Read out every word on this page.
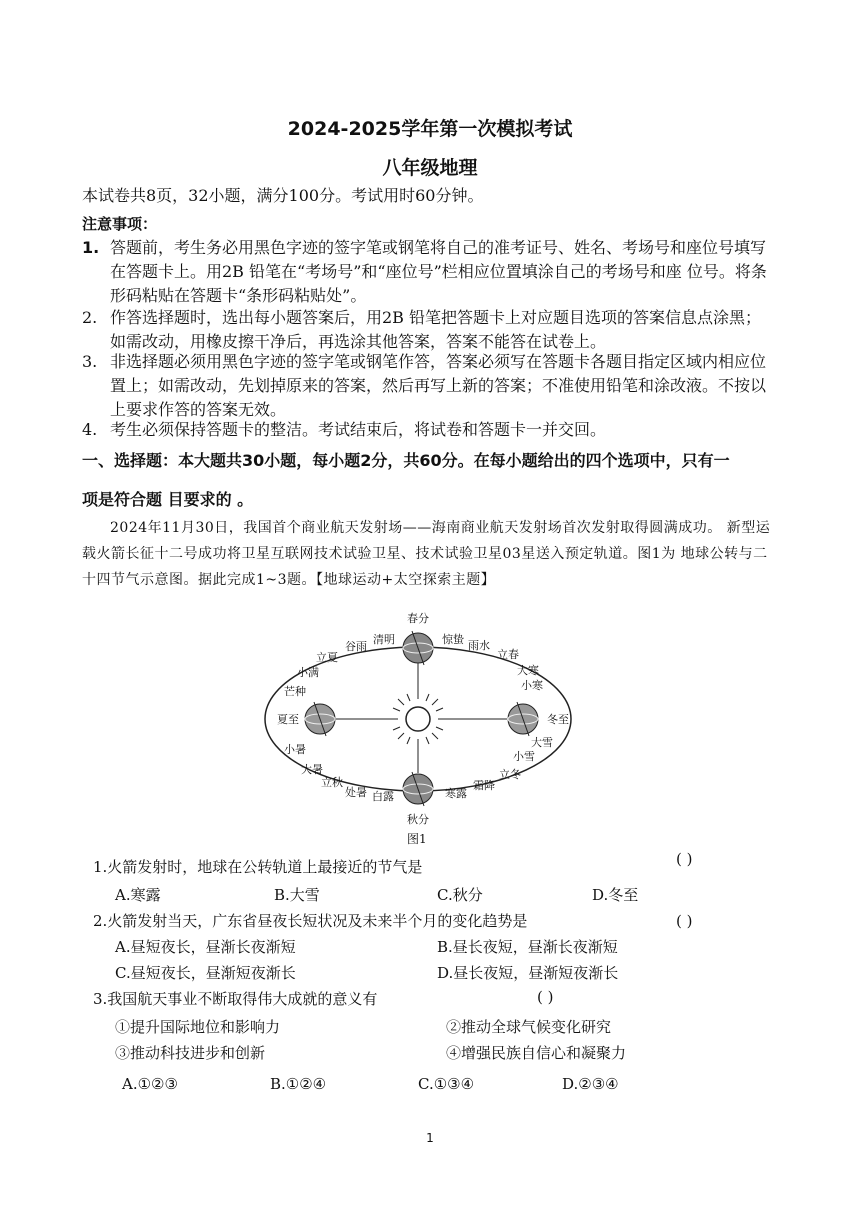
2024-2025学年第一次模拟考试
八年级地理
本试卷共8页，32小题，满分100分。考试用时60分钟。
注意事项：
1. 答题前，考生务必用黑色字迹的签字笔或钢笔将自己的准考证号、姓名、考场号和座位号填写在答题卡上。用2B 铅笔在“考场号”和“座位号”栏相应位置填涂自己的考场号和座 位号。将条形码粘贴在答题卡“条形码粘贴处”。
2. 作答选择题时，选出每小题答案后，用2B 铅笔把答题卡上对应题目选项的答案信息点涂黑；如需改动，用橡皮擦干净后，再选涂其他答案，答案不能答在试卷上。
3. 非选择题必须用黑色字迹的签字笔或钢笔作答，答案必须写在答题卡各题目指定区域内相应位置上；如需改动，先划掉原来的答案，然后再写上新的答案；不准使用铅笔和涂改液。不按以上要求作答的答案无效。
4. 考生必须保持答题卡的整洁。考试结束后，将试卷和答题卡一并交回。
一、选择题：本大题共30小题，每小题2分，共60分。在每小题给出的四个选项中，只有一
项是符合题 目要求的 。
2024年11月30日，我国首个商业航天发射场——海南商业航天发射场首次发射取得圆满成功。 新型运载火箭长征十二号成功将卫星互联网技术试验卫星、技术试验卫星03星送入预定轨道。图1为 地球公转与二十四节气示意图。据此完成1~3题。【地球运动+太空探索主题】
春分
清明
谷雨
立夏
小满
芒种
夏至
小暑
大暑
立秋
处暑 白露
秋分
寒露
霜降
立冬
小雪
大雪
冬至
小寒
大寒
立春
雨水
惊蛰
图1
1.火箭发射时，地球在公转轨道上最接近的节气是	( )
A.寒露	B.大雪	C.秋分	D.冬至
2.火箭发射当天，广东省昼夜长短状况及未来半个月的变化趋势是	( )
A.昼短夜长，昼渐长夜渐短	B.昼长夜短，昼渐长夜渐短
C.昼短夜长，昼渐短夜渐长	D.昼长夜短，昼渐短夜渐长
3.我国航天事业不断取得伟大成就的意义有	( )
①提升国际地位和影响力	②推动全球气候变化研究
③推动科技进步和创新	④增强民族自信心和凝聚力
A.①②③	B.①②④	C.①③④	D.②③④
1
